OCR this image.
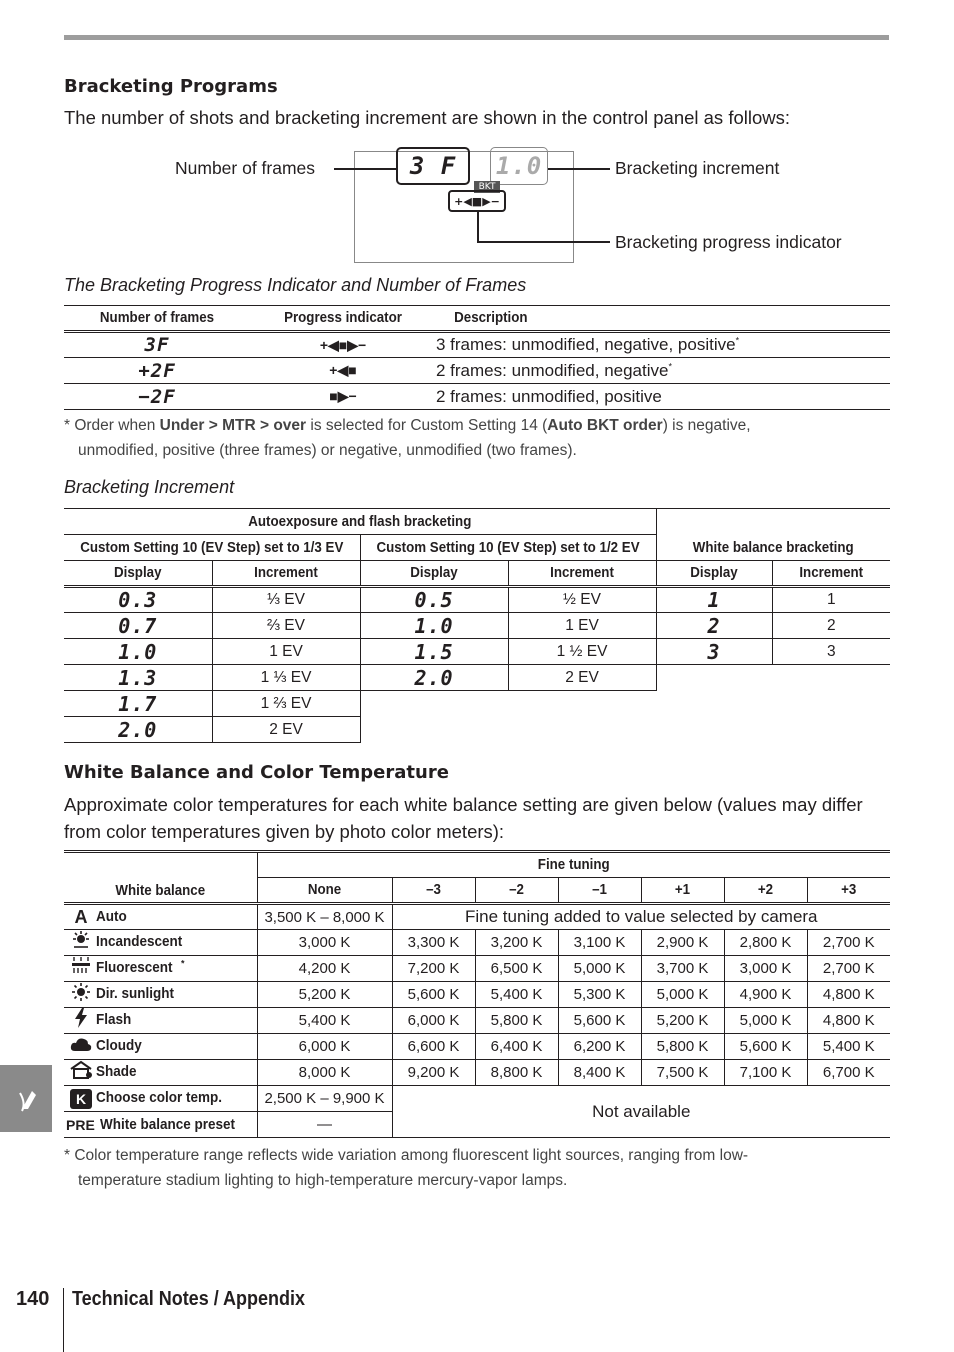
Bracketing Programs
The number of shots and bracketing increment are shown in the control panel as follows:
3 F	1.0
BKT
+◀■▶−
Number of frames	Bracketing increment
Bracketing progress indicator
The Bracketing Progress Indicator and Number of Frames
Number of frames	Progress indicator	Description
3F	+◀■▶−	3 frames: unmodified, negative, positive*
+2F	+◀■	2 frames: unmodified, negative*
−2F	■▶−	2 frames: unmodified, positive
* Order when Under > MTR > over is selected for Custom Setting 14 (Auto BKT order) is negative,
unmodified, positive (three frames) or negative, unmodified (two frames).
Bracketing Increment
Autoexposure and flash bracketing				White balance bracketing	
Custom Setting 10 (EV Step) set to 1/3 EV		Custom Setting 10 (EV Step) set to 1/2 EV			
Display	Increment	Display	Increment	Display	Increment
0.3	⅓ EV	0.5	½ EV	1	1
0.7	⅔ EV	1.0	1 EV	2	2
1.0	1 EV	1.5	1 ½ EV	3	3
1.3	1 ⅓ EV	2.0	2 EV		
1.7	1 ⅔ EV				
2.0	2 EV				
White Balance and Color Temperature
Approximate color temperatures for each white balance setting are given below (values may differ from color temperatures given by photo color meters):
White balance	Fine tuning						
	None	–3	–2	–1	+1	+2	+3
A Auto	3,500 K – 8,000 K	Fine tuning added to value selected by camera					
Incandescent	3,000 K	3,300 K	3,200 K	3,100 K	2,900 K	2,800 K	2,700 K
Fluorescent *	4,200 K	7,200 K	6,500 K	5,000 K	3,700 K	3,000 K	2,700 K
Dir. sunlight	5,200 K	5,600 K	5,400 K	5,300 K	5,000 K	4,900 K	4,800 K
Flash	5,400 K	6,000 K	5,800 K	5,600 K	5,200 K	5,000 K	4,800 K
Cloudy	6,000 K	6,600 K	6,400 K	6,200 K	5,800 K	5,600 K	5,400 K
Shade	8,000 K	9,200 K	8,800 K	8,400 K	7,500 K	7,100 K	6,700 K
K Choose color temp.	2,500 K – 9,900 K	Not available					
PRE White balance preset	—						
* Color temperature range reflects wide variation among fluorescent light sources, ranging from low-
temperature stadium lighting to high-temperature mercury-vapor lamps.
140 Technical Notes / Appendix
